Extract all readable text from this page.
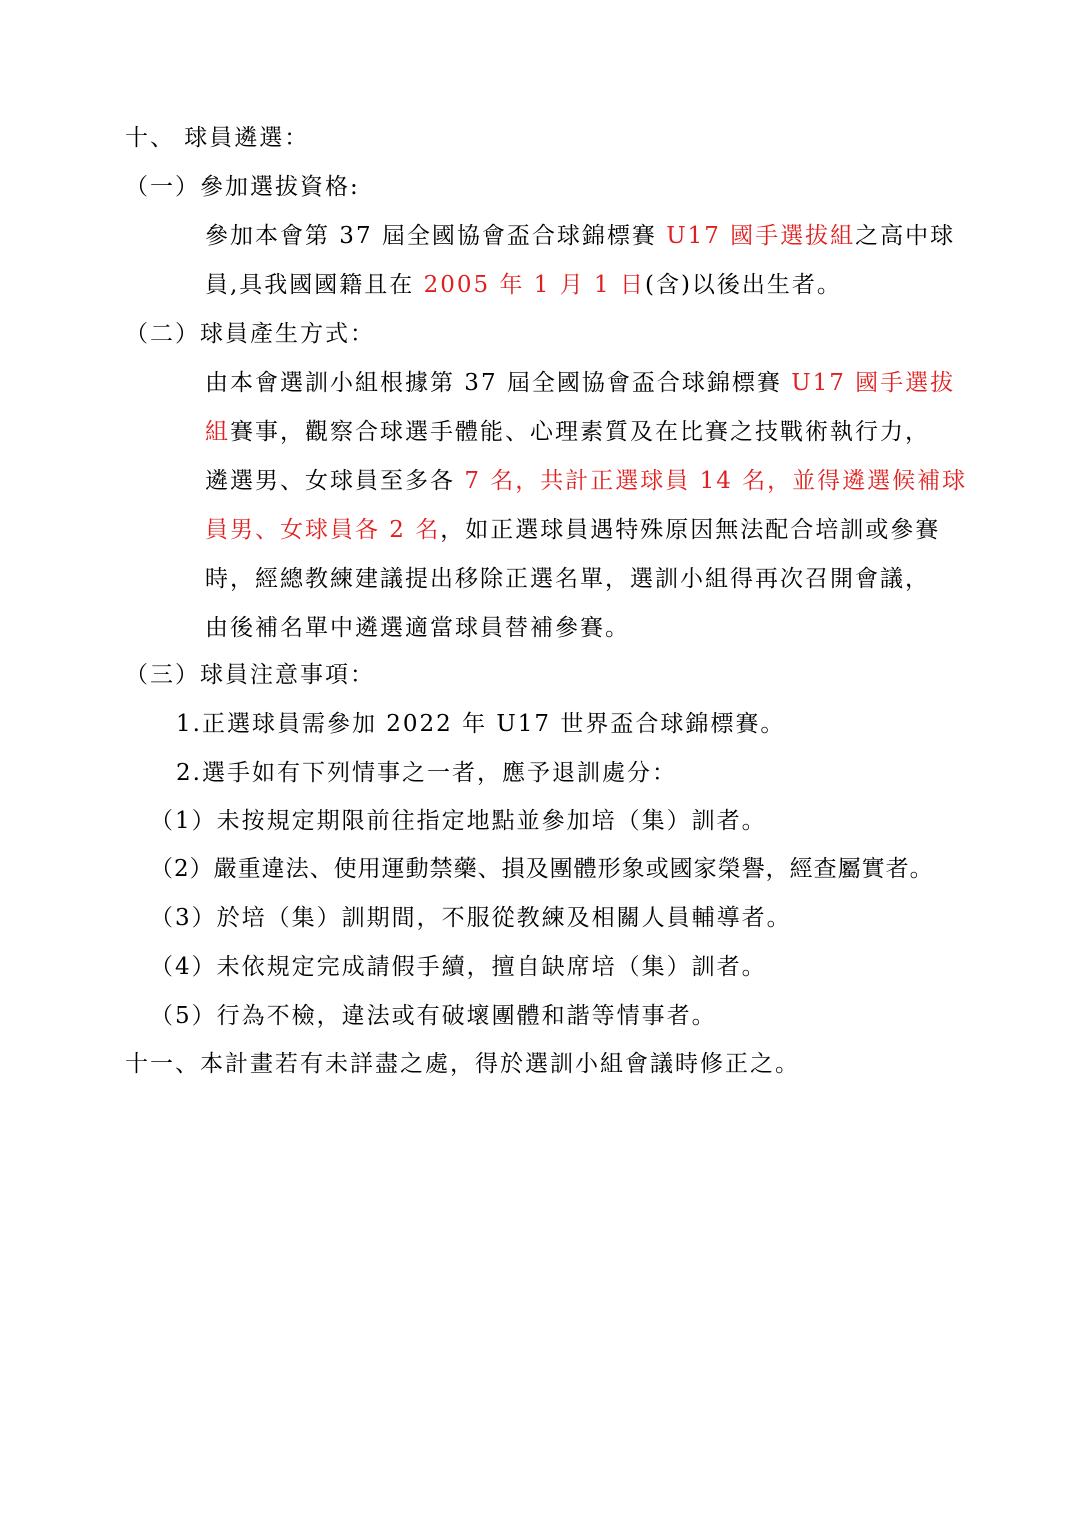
十、 球員遴選：
（一）參加選拔資格:
參加本會第 37 屆全國協會盃合球錦標賽 U17 國手選拔組之高中球
員,具我國國籍且在 2005 年 1 月 1 日(含)以後出生者。
（二）球員產生方式：
由本會選訓小組根據第 37 屆全國協會盃合球錦標賽 U17 國手選拔
組賽事，觀察合球選手體能、心理素質及在比賽之技戰術執行力，
遴選男、女球員至多各 7 名，共計正選球員 14 名，並得遴選候補球
員男、女球員各 2 名，如正選球員遇特殊原因無法配合培訓或參賽
時，經總教練建議提出移除正選名單，選訓小組得再次召開會議，
由後補名單中遴選適當球員替補參賽。
（三）球員注意事項：
1.正選球員需參加 2022 年 U17 世界盃合球錦標賽。
2.選手如有下列情事之一者，應予退訓處分：
（1）未按規定期限前往指定地點並參加培（集）訓者。
（2）嚴重違法、使用運動禁藥、損及團體形象或國家榮譽，經查屬實者。
（3）於培（集）訓期間，不服從教練及相關人員輔導者。
（4）未依規定完成請假手續，擅自缺席培（集）訓者。
（5）行為不檢，違法或有破壞團體和諧等情事者。
十一、本計畫若有未詳盡之處，得於選訓小組會議時修正之。
